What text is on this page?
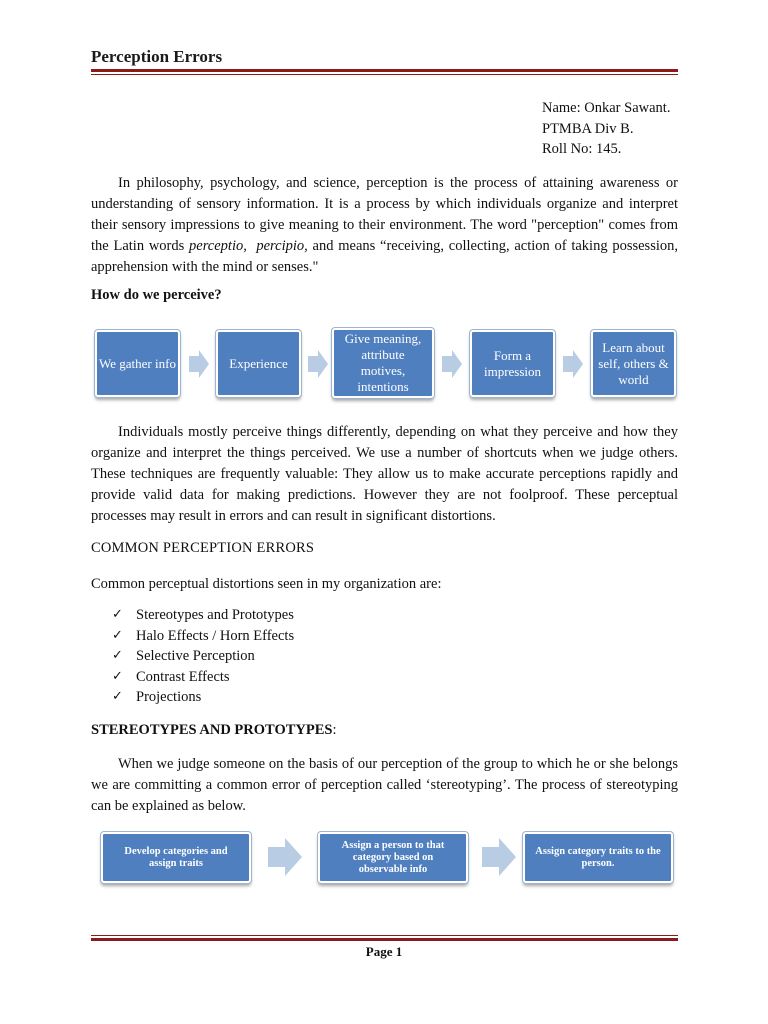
Perception Errors
Name: Onkar Sawant.
PTMBA Div B.
Roll No: 145.

In philosophy, psychology, and science, perception is the process of attaining awareness or understanding of sensory information. It is a process by which individuals organize and interpret their sensory impressions to give meaning to their environment. The word "perception" comes from the Latin words perceptio, percipio, and means “receiving, collecting, action of taking possession, apprehension with the mind or senses."

How do we perceive?

We gather info	Experience
Give meaning, attribute motives, intentions
Form a impression
Learn about self, others & world

Individuals mostly perceive things differently, depending on what they perceive and how they organize and interpret the things perceived. We use a number of shortcuts when we judge others. These techniques are frequently valuable: They allow us to make accurate perceptions rapidly and provide valid data for making predictions. However they are not foolproof. These perceptual processes may result in errors and can result in significant distortions.

COMMON PERCEPTION ERRORS

Common perceptual distortions seen in my organization are:

✓ Stereotypes and Prototypes
✓ Halo Effects / Horn Effects
✓ Selective Perception
✓ Contrast Effects
✓ Projections

STEREOTYPES AND PROTOTYPES:

When we judge someone on the basis of our perception of the group to which he or she belongs we are committing a common error of perception called ‘stereotyping’. The process of stereotyping can be explained as below.

Develop categories and assign traits
Assign a person to that category based on observable info
Assign category traits to the person.
Page 1
